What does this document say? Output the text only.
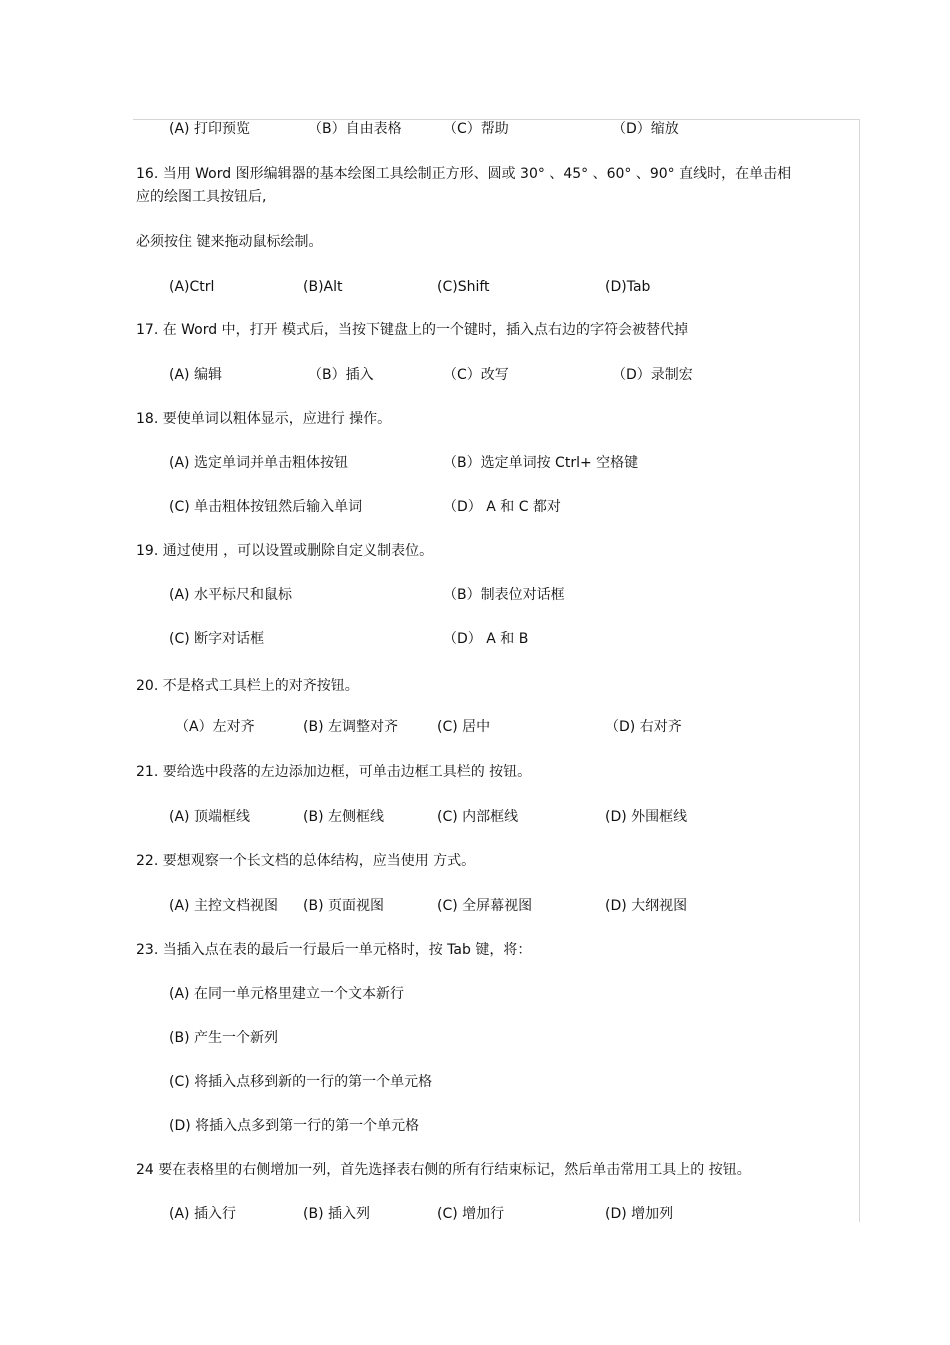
(A) 打印预览	（B）自由表格	（C）帮助	（D）缩放
16. 当用 Word 图形编辑器的基本绘图工具绘制正方形、圆或 30° 、45° 、60° 、90° 直线时，在单击相
应的绘图工具按钮后,
必须按住 键来拖动鼠标绘制。
(A)Ctrl	(B)Alt	(C)Shift	(D)Tab
17. 在 Word 中，打开 模式后，当按下键盘上的一个键时，插入点右边的字符会被替代掉
(A) 编辑	（B）插入	（C）改写	（D）录制宏
18. 要使单词以粗体显示，应进行 操作。
(A) 选定单词并单击粗体按钮	（B）选定单词按 Ctrl+ 空格键
(C) 单击粗体按钮然后输入单词	（D） A 和 C 都对
19. 通过使用 ，可以设置或删除自定义制表位。
(A) 水平标尺和鼠标	（B）制表位对话框
(C) 断字对话框	（D） A 和 B
20. 不是格式工具栏上的对齐按钮。
（A）左对齐	(B) 左调整对齐	(C) 居中	（D) 右对齐
21. 要给选中段落的左边添加边框，可单击边框工具栏的 按钮。
(A) 顶端框线	(B) 左侧框线	(C) 内部框线	(D) 外围框线
22. 要想观察一个长文档的总体结构，应当使用 方式。
(A) 主控文档视图 (B) 页面视图	(C) 全屏幕视图	(D) 大纲视图
23. 当插入点在表的最后一行最后一单元格时，按 Tab 键，将：
(A) 在同一单元格里建立一个文本新行
(B) 产生一个新列
(C) 将插入点移到新的一行的第一个单元格
(D) 将插入点多到第一行的第一个单元格
24 要在表格里的右侧增加一列，首先选择表右侧的所有行结束标记，然后单击常用工具上的 按钮。
(A) 插入行	(B) 插入列	(C) 增加行	(D) 增加列
